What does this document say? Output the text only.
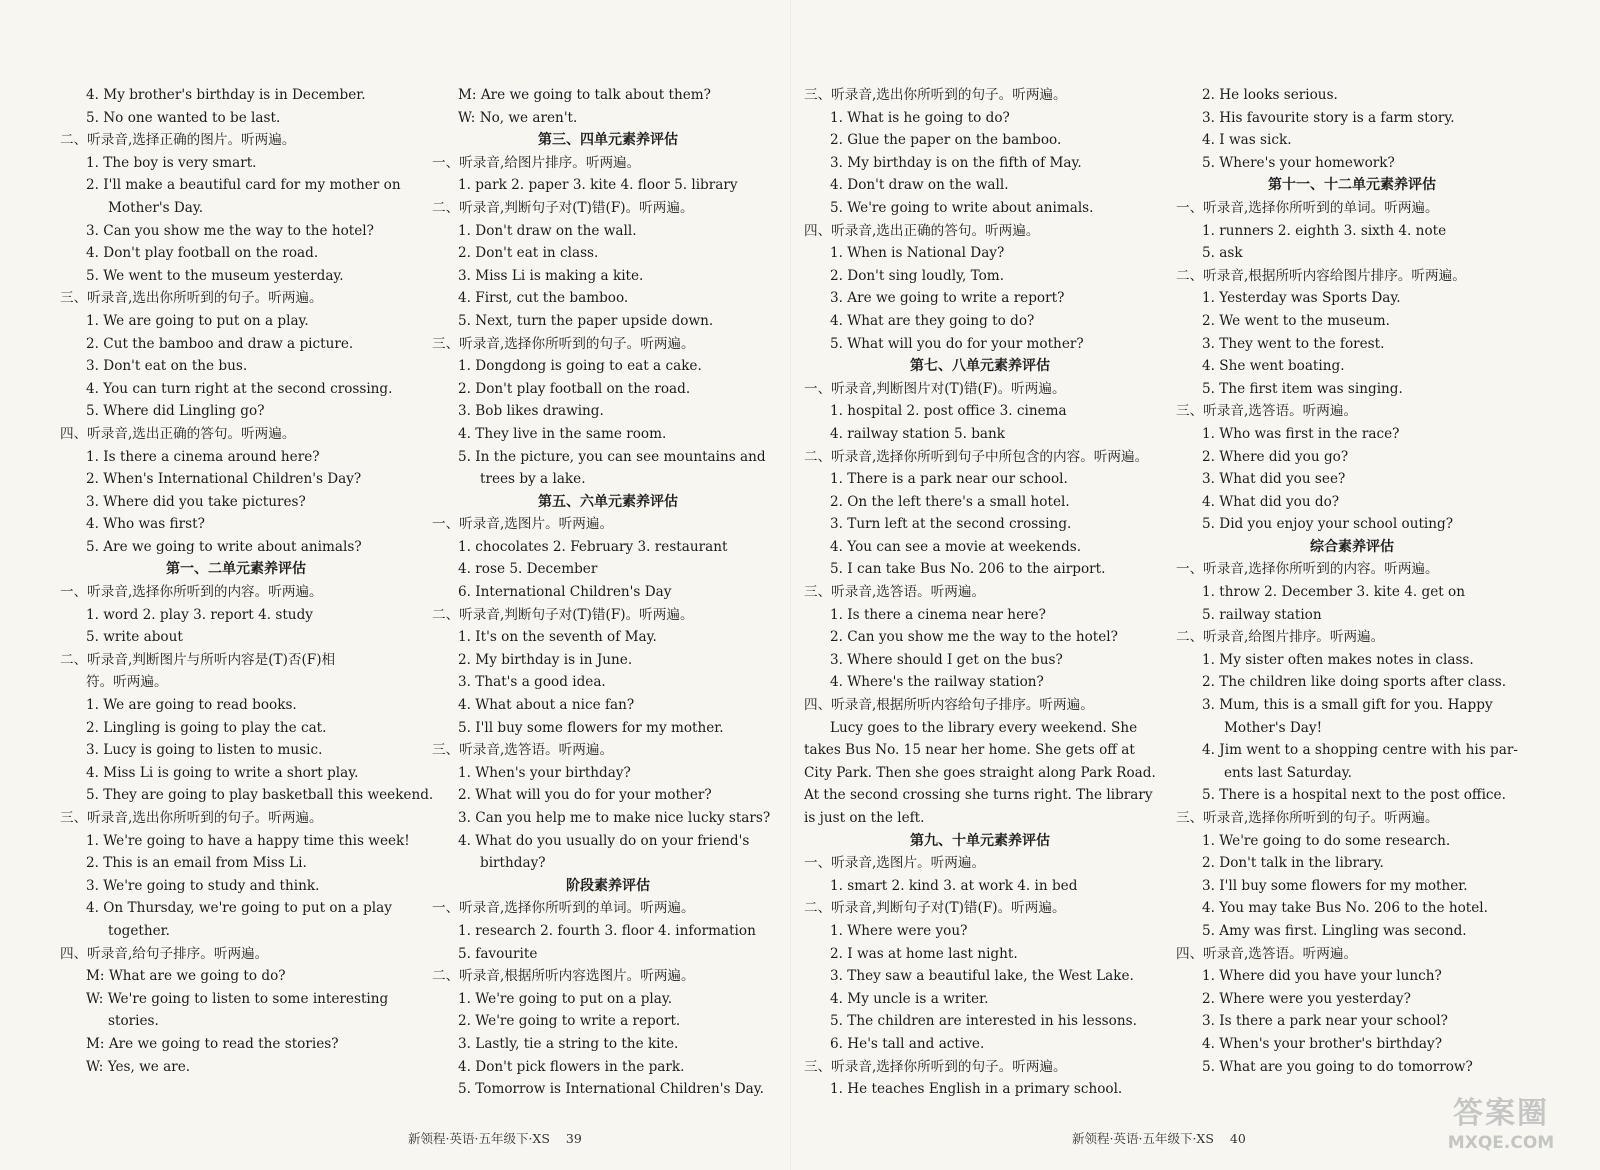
4. My brother's birthday is in December.
5. No one wanted to be last.
二、听录音,选择正确的图片。听两遍。
1. The boy is very smart.
2. I'll make a beautiful card for my mother on
Mother's Day.
3. Can you show me the way to the hotel?
4. Don't play football on the road.
5. We went to the museum yesterday.
三、听录音,选出你所听到的句子。听两遍。
1. We are going to put on a play.
2. Cut the bamboo and draw a picture.
3. Don't eat on the bus.
4. You can turn right at the second crossing.
5. Where did Lingling go?
四、听录音,选出正确的答句。听两遍。
1. Is there a cinema around here?
2. When's International Children's Day?
3. Where did you take pictures?
4. Who was first?
5. Are we going to write about animals?
第一、二单元素养评估
一、听录音,选择你所听到的内容。听两遍。
1. word 2. play 3. report 4. study
5. write about
二、听录音,判断图片与所听内容是(T)否(F)相
符。听两遍。
1. We are going to read books.
2. Lingling is going to play the cat.
3. Lucy is going to listen to music.
4. Miss Li is going to write a short play.
5. They are going to play basketball this weekend.
三、听录音,选出你所听到的句子。听两遍。
1. We're going to have a happy time this week!
2. This is an email from Miss Li.
3. We're going to study and think.
4. On Thursday, we're going to put on a play
together.
四、听录音,给句子排序。听两遍。
M: What are we going to do?
W: We're going to listen to some interesting
stories.
M: Are we going to read the stories?
W: Yes, we are.
M: Are we going to talk about them?
W: No, we aren't.
第三、四单元素养评估
一、听录音,给图片排序。听两遍。
1. park 2. paper 3. kite 4. floor 5. library
二、听录音,判断句子对(T)错(F)。听两遍。
1. Don't draw on the wall.
2. Don't eat in class.
3. Miss Li is making a kite.
4. First, cut the bamboo.
5. Next, turn the paper upside down.
三、听录音,选择你所听到的句子。听两遍。
1. Dongdong is going to eat a cake.
2. Don't play football on the road.
3. Bob likes drawing.
4. They live in the same room.
5. In the picture, you can see mountains and
trees by a lake.
第五、六单元素养评估
一、听录音,选图片。听两遍。
1. chocolates 2. February 3. restaurant
4. rose 5. December
6. International Children's Day
二、听录音,判断句子对(T)错(F)。听两遍。
1. It's on the seventh of May.
2. My birthday is in June.
3. That's a good idea.
4. What about a nice fan?
5. I'll buy some flowers for my mother.
三、听录音,选答语。听两遍。
1. When's your birthday?
2. What will you do for your mother?
3. Can you help me to make nice lucky stars?
4. What do you usually do on your friend's
birthday?
阶段素养评估
一、听录音,选择你所听到的单词。听两遍。
1. research 2. fourth 3. floor 4. information
5. favourite
二、听录音,根据所听内容选图片。听两遍。
1. We're going to put on a play.
2. We're going to write a report.
3. Lastly, tie a string to the kite.
4. Don't pick flowers in the park.
5. Tomorrow is International Children's Day.
三、听录音,选出你所听到的句子。听两遍。
1. What is he going to do?
2. Glue the paper on the bamboo.
3. My birthday is on the fifth of May.
4. Don't draw on the wall.
5. We're going to write about animals.
四、听录音,选出正确的答句。听两遍。
1. When is National Day?
2. Don't sing loudly, Tom.
3. Are we going to write a report?
4. What are they going to do?
5. What will you do for your mother?
第七、八单元素养评估
一、听录音,判断图片对(T)错(F)。听两遍。
1. hospital 2. post office 3. cinema
4. railway station 5. bank
二、听录音,选择你所听到句子中所包含的内容。听两遍。
1. There is a park near our school.
2. On the left there's a small hotel.
3. Turn left at the second crossing.
4. You can see a movie at weekends.
5. I can take Bus No. 206 to the airport.
三、听录音,选答语。听两遍。
1. Is there a cinema near here?
2. Can you show me the way to the hotel?
3. Where should I get on the bus?
4. Where's the railway station?
四、听录音,根据所听内容给句子排序。听两遍。
Lucy goes to the library every weekend. She takes Bus No. 15 near her home. She gets off at City Park. Then she goes straight along Park Road. At the second crossing she turns right. The library is just on the left.
第九、十单元素养评估
一、听录音,选图片。听两遍。
1. smart 2. kind 3. at work 4. in bed
二、听录音,判断句子对(T)错(F)。听两遍。
1. Where were you?
2. I was at home last night.
3. They saw a beautiful lake, the West Lake.
4. My uncle is a writer.
5. The children are interested in his lessons.
6. He's tall and active.
三、听录音,选择你所听到的句子。听两遍。
1. He teaches English in a primary school.
2. He looks serious.
3. His favourite story is a farm story.
4. I was sick.
5. Where's your homework?
第十一、十二单元素养评估
一、听录音,选择你所听到的单词。听两遍。
1. runners 2. eighth 3. sixth 4. note
5. ask
二、听录音,根据所听内容给图片排序。听两遍。
1. Yesterday was Sports Day.
2. We went to the museum.
3. They went to the forest.
4. She went boating.
5. The first item was singing.
三、听录音,选答语。听两遍。
1. Who was first in the race?
2. Where did you go?
3. What did you see?
4. What did you do?
5. Did you enjoy your school outing?
综合素养评估
一、听录音,选择你所听到的内容。听两遍。
1. throw 2. December 3. kite 4. get on
5. railway station
二、听录音,给图片排序。听两遍。
1. My sister often makes notes in class.
2. The children like doing sports after class.
3. Mum, this is a small gift for you. Happy
Mother's Day!
4. Jim went to a shopping centre with his par-
ents last Saturday.
5. There is a hospital next to the post office.
三、听录音,选择你所听到的句子。听两遍。
1. We're going to do some research.
2. Don't talk in the library.
3. I'll buy some flowers for my mother.
4. You may take Bus No. 206 to the hotel.
5. Amy was first. Lingling was second.
四、听录音,选答语。听两遍。
1. Where did you have your lunch?
2. Where were you yesterday?
3. Is there a park near your school?
4. When's your brother's birthday?
5. What are you going to do tomorrow?
新领程·英语·五年级下·XS 39	新领程·英语·五年级下·XS 40
答案圈
MXQE.COM
